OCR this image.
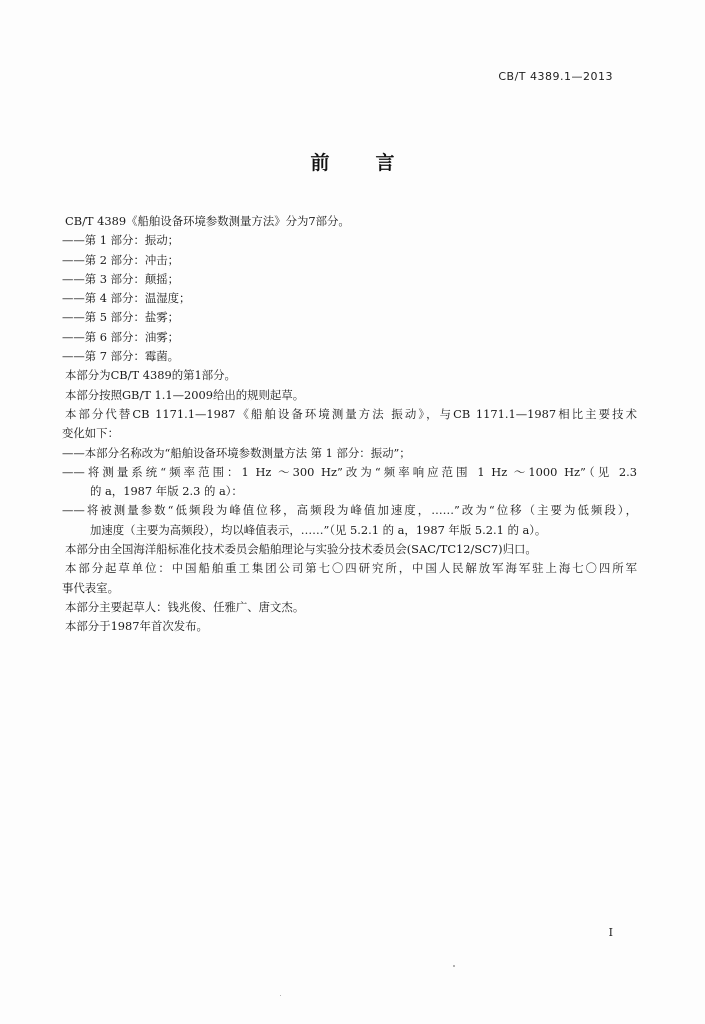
CB/T 4389.1—2013
前言
CB/T 4389《船舶设备环境参数测量方法》分为7部分。
——第 1 部分：振动；
——第 2 部分：冲击；
——第 3 部分：颠摇；
——第 4 部分：温湿度；
——第 5 部分：盐雾；
——第 6 部分：油雾；
——第 7 部分：霉菌。
本部分为CB/T 4389的第1部分。
本部分按照GB/T 1.1—2009给出的规则起草。
本部分代替CB 1171.1—1987《船舶设备环境测量方法 振动》，与CB 1171.1—1987相比主要技术
变化如下：
——本部分名称改为“船舶设备环境参数测量方法 第 1 部分：振动”；
——将测量系统“频率范围：1 Hz ～300 Hz”改为“频率响应范围 1 Hz ～1000 Hz”（见 2.3
的 a，1987 年版 2.3 的 a）：
——将被测量参数“低频段为峰值位移，高频段为峰值加速度，……”改为“位移（主要为低频段），
加速度（主要为高频段），均以峰值表示，……”（见 5.2.1 的 a，1987 年版 5.2.1 的 a）。
本部分由全国海洋船标准化技术委员会船舶理论与实验分技术委员会(SAC/TC12/SC7)归口。
本部分起草单位：中国船舶重工集团公司第七〇四研究所，中国人民解放军海军驻上海七〇四所军
事代表室。
本部分主要起草人：钱兆俊、任雅广、唐文杰。
本部分于1987年首次发布。
I
